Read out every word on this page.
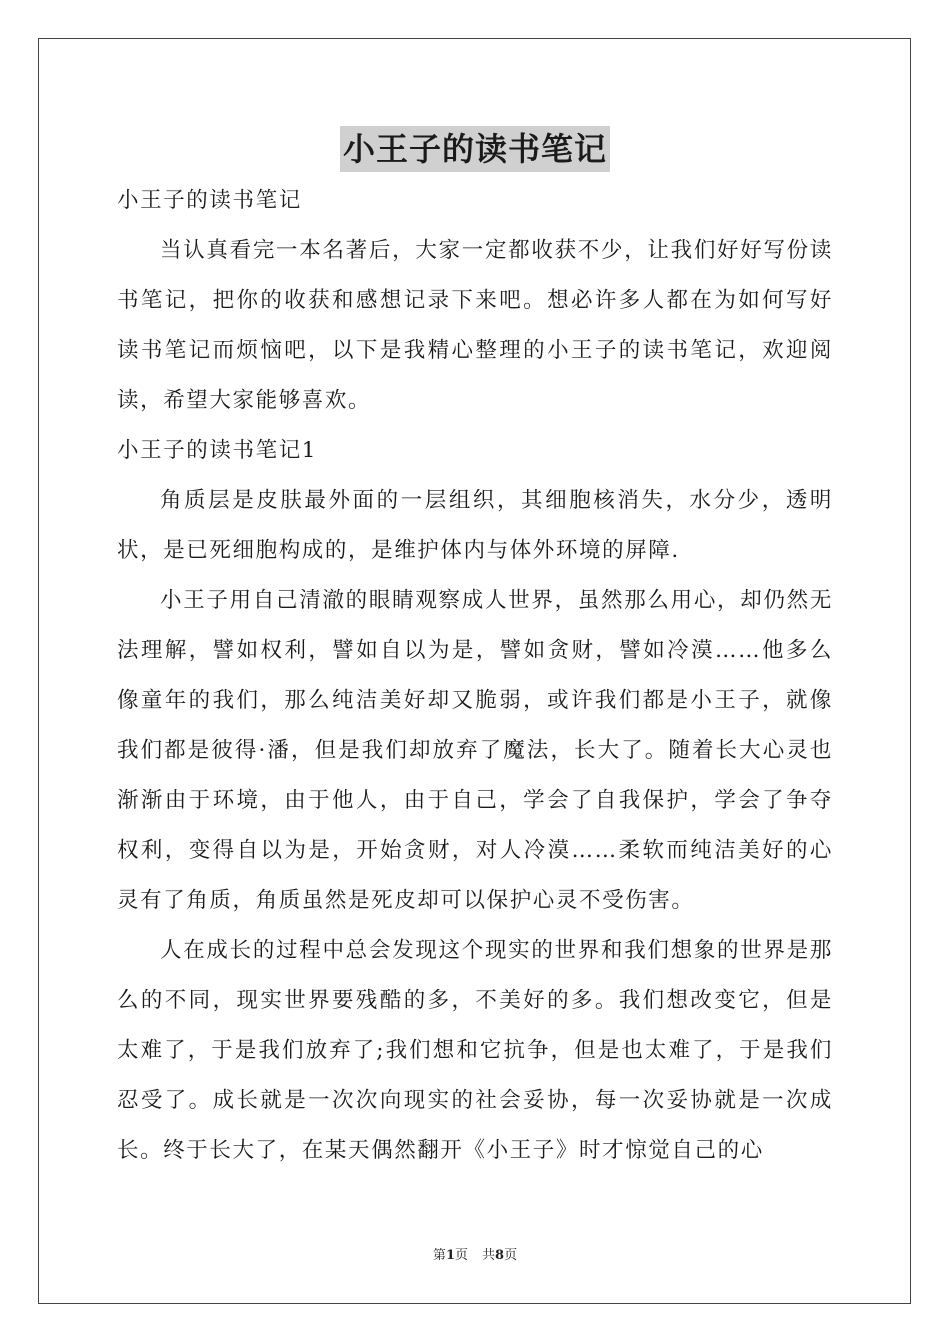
小王子的读书笔记

小王子的读书笔记

当认真看完一本名著后，大家一定都收获不少，让我们好好写份读书笔记，把你的收获和感想记录下来吧。想必许多人都在为如何写好读书笔记而烦恼吧，以下是我精心整理的小王子的读书笔记，欢迎阅读，希望大家能够喜欢。

小王子的读书笔记1

角质层是皮肤最外面的一层组织，其细胞核消失，水分少，透明状，是已死细胞构成的，是维护体内与体外环境的屏障.

小王子用自己清澈的眼睛观察成人世界，虽然那么用心，却仍然无法理解，譬如权利，譬如自以为是，譬如贪财，譬如冷漠……他多么像童年的我们，那么纯洁美好却又脆弱，或许我们都是小王子，就像我们都是彼得·潘，但是我们却放弃了魔法，长大了。随着长大心灵也渐渐由于环境，由于他人，由于自己，学会了自我保护，学会了争夺权利，变得自以为是，开始贪财，对人冷漠……柔软而纯洁美好的心灵有了角质，角质虽然是死皮却可以保护心灵不受伤害。

人在成长的过程中总会发现这个现实的世界和我们想象的世界是那么的不同，现实世界要残酷的多，不美好的多。我们想改变它，但是太难了，于是我们放弃了;我们想和它抗争，但是也太难了，于是我们忍受了。成长就是一次次向现实的社会妥协，每一次妥协就是一次成长。终于长大了，在某天偶然翻开《小王子》时才惊觉自己的心

第1页 共8页
